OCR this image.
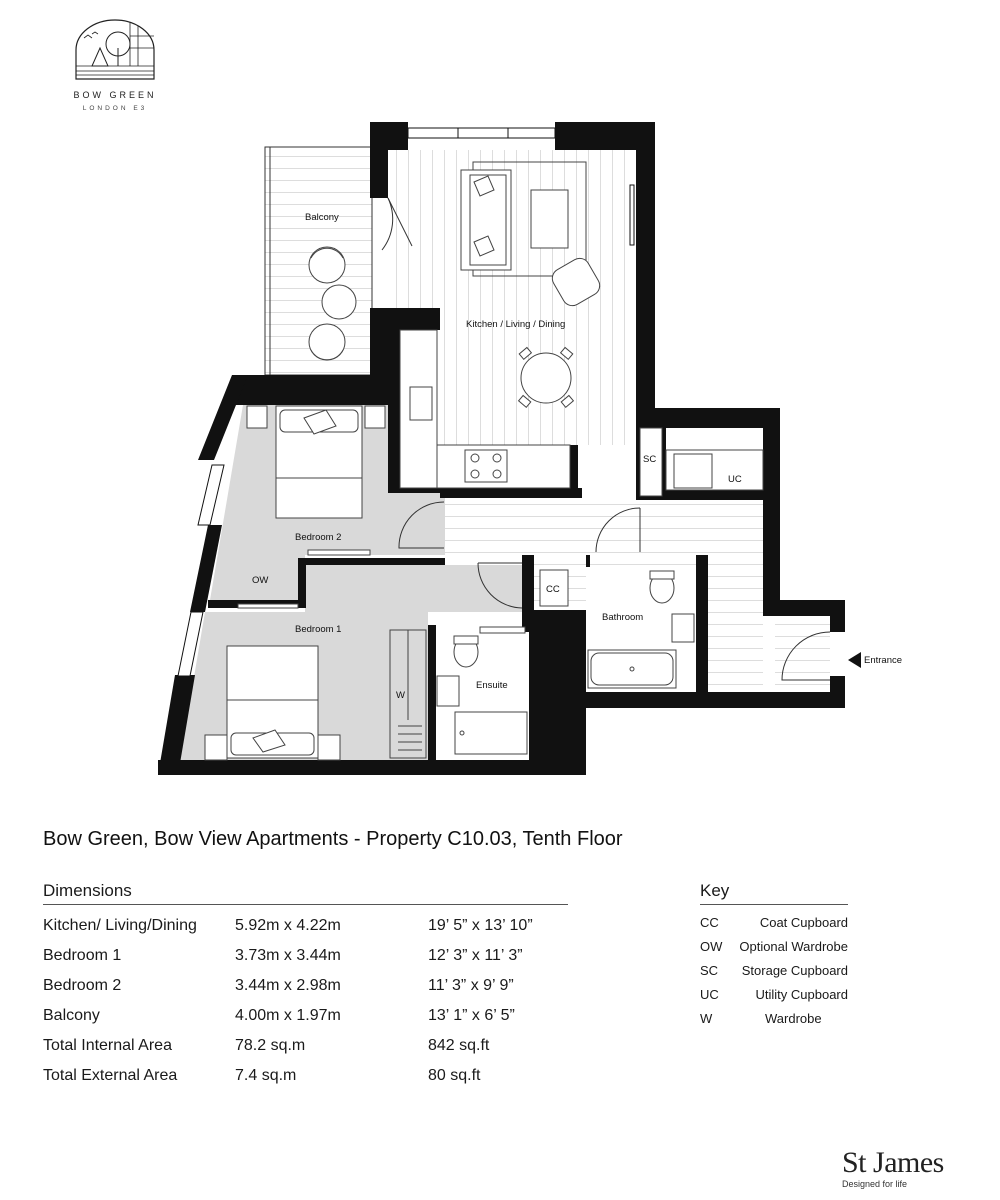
BOW GREEN
LONDON E3
Balcony
Kitchen / Living / Dining
Bedroom 2
Bedroom 1
Ensuite
Bathroom
SC
UC
CC
OW
W
Entrance
Bow Green, Bow View Apartments - Property C10.03, Tenth Floor
Dimensions
Kitchen/ Living/Dining	5.92m x 4.22m	19’ 5” x 13’ 10”
Bedroom 1	3.73m x 3.44m	12’ 3” x 11’ 3”
Bedroom 2	3.44m x 2.98m	11’ 3” x 9’ 9”
Balcony	4.00m x 1.97m	13’ 1” x 6’ 5”
Total Internal Area	78.2 sq.m	842 sq.ft
Total External Area	7.4 sq.m	80 sq.ft
Key
CC	Coat Cupboard
OW	Optional Wardrobe
SC	Storage Cupboard
UC	Utility Cupboard
W	Wardrobe
St James
Designed for life
